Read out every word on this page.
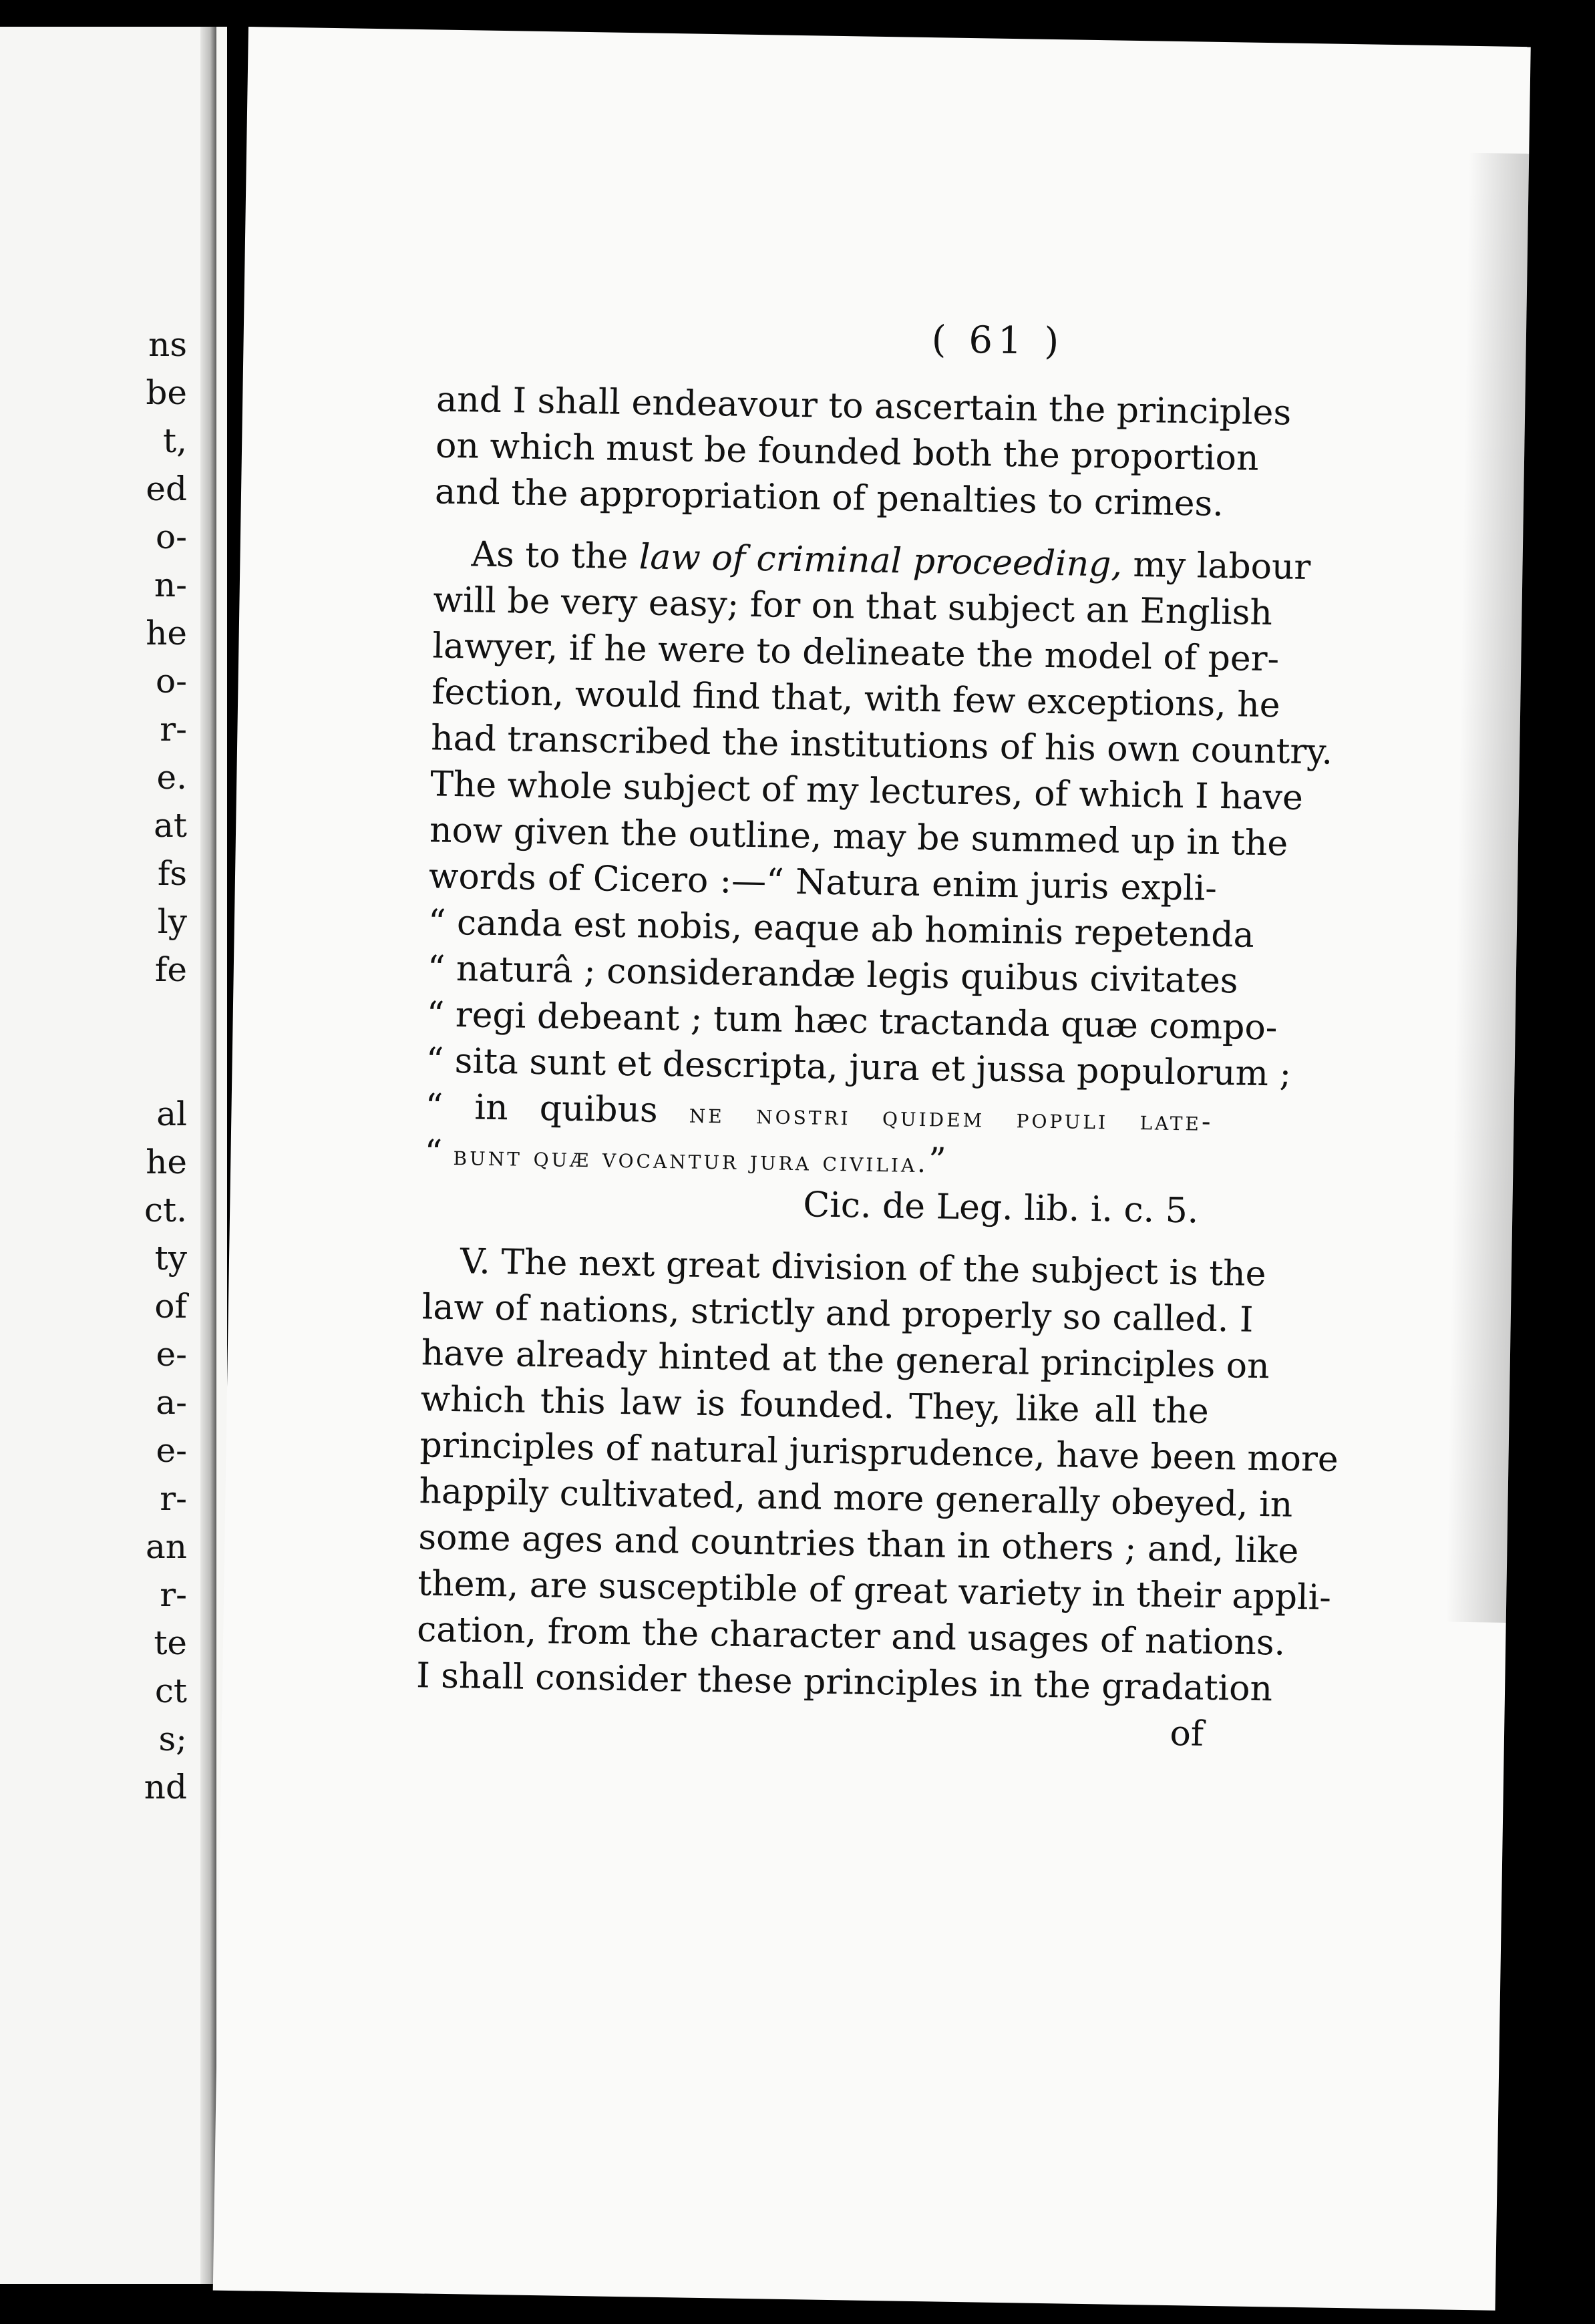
ns
be
t,
ed
o-
n-
he
o-
r-
e.
at
fs
ly
fe
al
he
ct.
ty
of
e-
a-
e-
r-
an
r-
te
ct
s;
nd
( 61 )
and I shall endeavour to ascertain the principles
on which must be founded both the proportion
and the appropriation of penalties to crimes.
As to the law of criminal proceeding, my labour
will be very easy; for on that subject an English
lawyer, if he were to delineate the model of per-
fection, would find that, with few exceptions, he
had transcribed the institutions of his own country.
The whole subject of my lectures, of which I have
now given the outline, may be summed up in the
words of Cicero :—“ Natura enim juris expli-
“ canda est nobis, eaque ab hominis repetenda
“ naturâ ; considerandæ legis quibus civitates
“ regi debeant ; tum hæc tractanda quæ compo-
“ sita sunt et descripta, jura et jussa populorum ;
“ in quibus ne nostri quidem populi late-
“ bunt quæ vocantur jura civilia.”
Cic. de Leg. lib. i. c. 5.
V. The next great division of the subject is the
law of nations, strictly and properly so called. I
have already hinted at the general principles on
which this law is founded. They, like all the
principles of natural jurisprudence, have been more
happily cultivated, and more generally obeyed, in
some ages and countries than in others ; and, like
them, are susceptible of great variety in their appli-
cation, from the character and usages of nations.
I shall consider these principles in the gradation
of
